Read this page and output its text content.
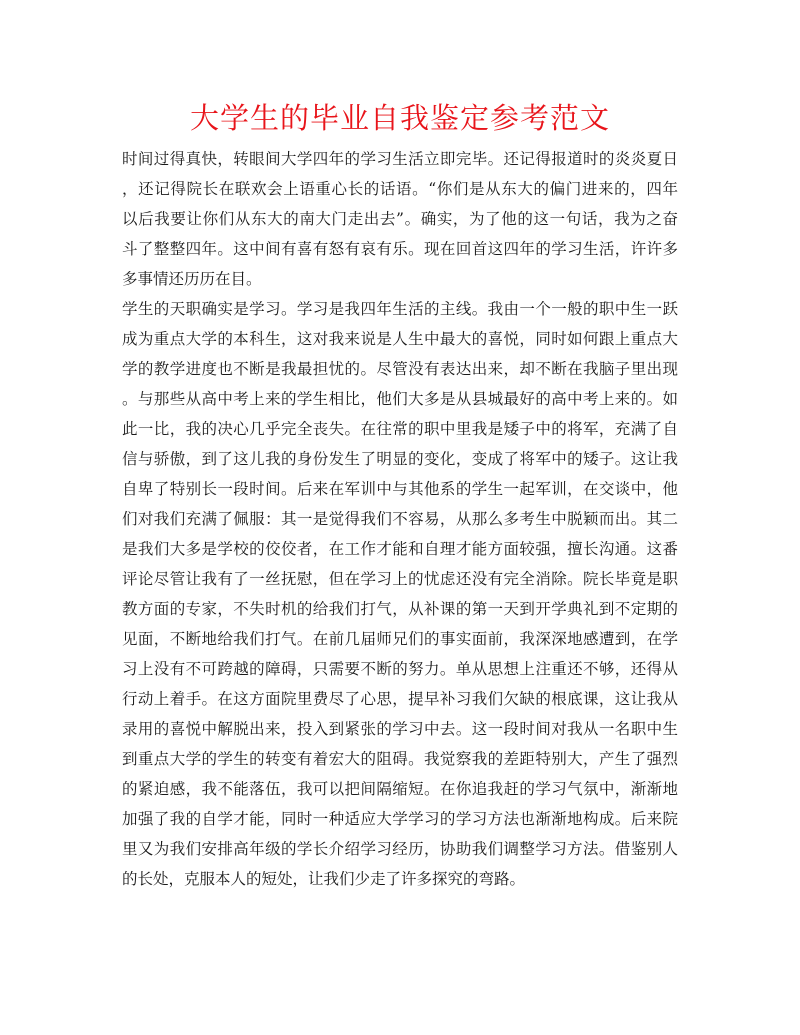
大学生的毕业自我鉴定参考范文
时间过得真快，转眼间大学四年的学习生活立即完毕。还记得报道时的炎炎夏日
，还记得院长在联欢会上语重心长的话语。“你们是从东大的偏门进来的，四年
以后我要让你们从东大的南大门走出去”。确实，为了他的这一句话，我为之奋
斗了整整四年。这中间有喜有怒有哀有乐。现在回首这四年的学习生活，许许多
多事情还历历在目。
学生的天职确实是学习。学习是我四年生活的主线。我由一个一般的职中生一跃
成为重点大学的本科生，这对我来说是人生中最大的喜悦，同时如何跟上重点大
学的教学进度也不断是我最担忧的。尽管没有表达出来，却不断在我脑子里出现
。与那些从高中考上来的学生相比，他们大多是从县城最好的高中考上来的。如
此一比，我的决心几乎完全丧失。在往常的职中里我是矮子中的将军，充满了自
信与骄傲，到了这儿我的身份发生了明显的变化，变成了将军中的矮子。这让我
自卑了特别长一段时间。后来在军训中与其他系的学生一起军训，在交谈中，他
们对我们充满了佩服：其一是觉得我们不容易，从那么多考生中脱颖而出。其二
是我们大多是学校的佼佼者，在工作才能和自理才能方面较强，擅长沟通。这番
评论尽管让我有了一丝抚慰，但在学习上的忧虑还没有完全消除。院长毕竟是职
教方面的专家，不失时机的给我们打气，从补课的第一天到开学典礼到不定期的
见面，不断地给我们打气。在前几届师兄们的事实面前，我深深地感遭到，在学
习上没有不可跨越的障碍，只需要不断的努力。单从思想上注重还不够，还得从
行动上着手。在这方面院里费尽了心思，提早补习我们欠缺的根底课，这让我从
录用的喜悦中解脱出来，投入到紧张的学习中去。这一段时间对我从一名职中生
到重点大学的学生的转变有着宏大的阻碍。我觉察我的差距特别大，产生了强烈
的紧迫感，我不能落伍，我可以把间隔缩短。在你追我赶的学习气氛中，渐渐地
加强了我的自学才能，同时一种适应大学学习的学习方法也渐渐地构成。后来院
里又为我们安排高年级的学长介绍学习经历，协助我们调整学习方法。借鉴别人
的长处，克服本人的短处，让我们少走了许多探究的弯路。
